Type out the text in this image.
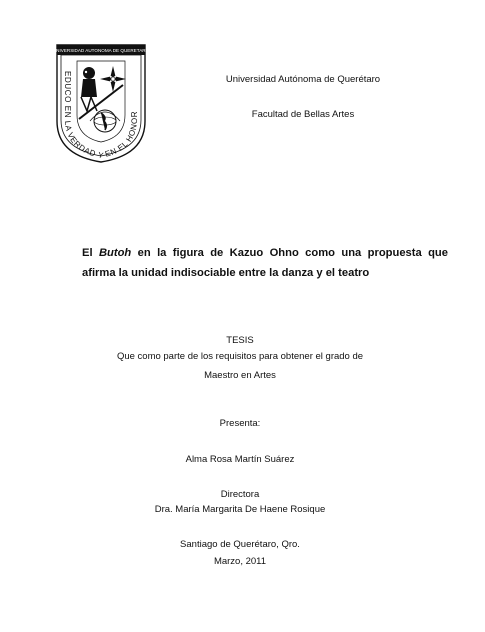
UNIVERSIDAD AUTONOMA DE QUERETARO
EDUCO EN LA VERDAD Y EN EL HONOR
Universidad Autónoma de Querétaro
Facultad de Bellas Artes
El Butoh en la figura de Kazuo Ohno como una propuesta que afirma la unidad indisociable entre la danza y el teatro
TESIS
Que como parte de los requisitos para obtener el grado de
Maestro en Artes
Presenta:
Alma Rosa Martín Suárez
Directora
Dra. María Margarita De Haene Rosique
Santiago de Querétaro, Qro.
Marzo, 2011
